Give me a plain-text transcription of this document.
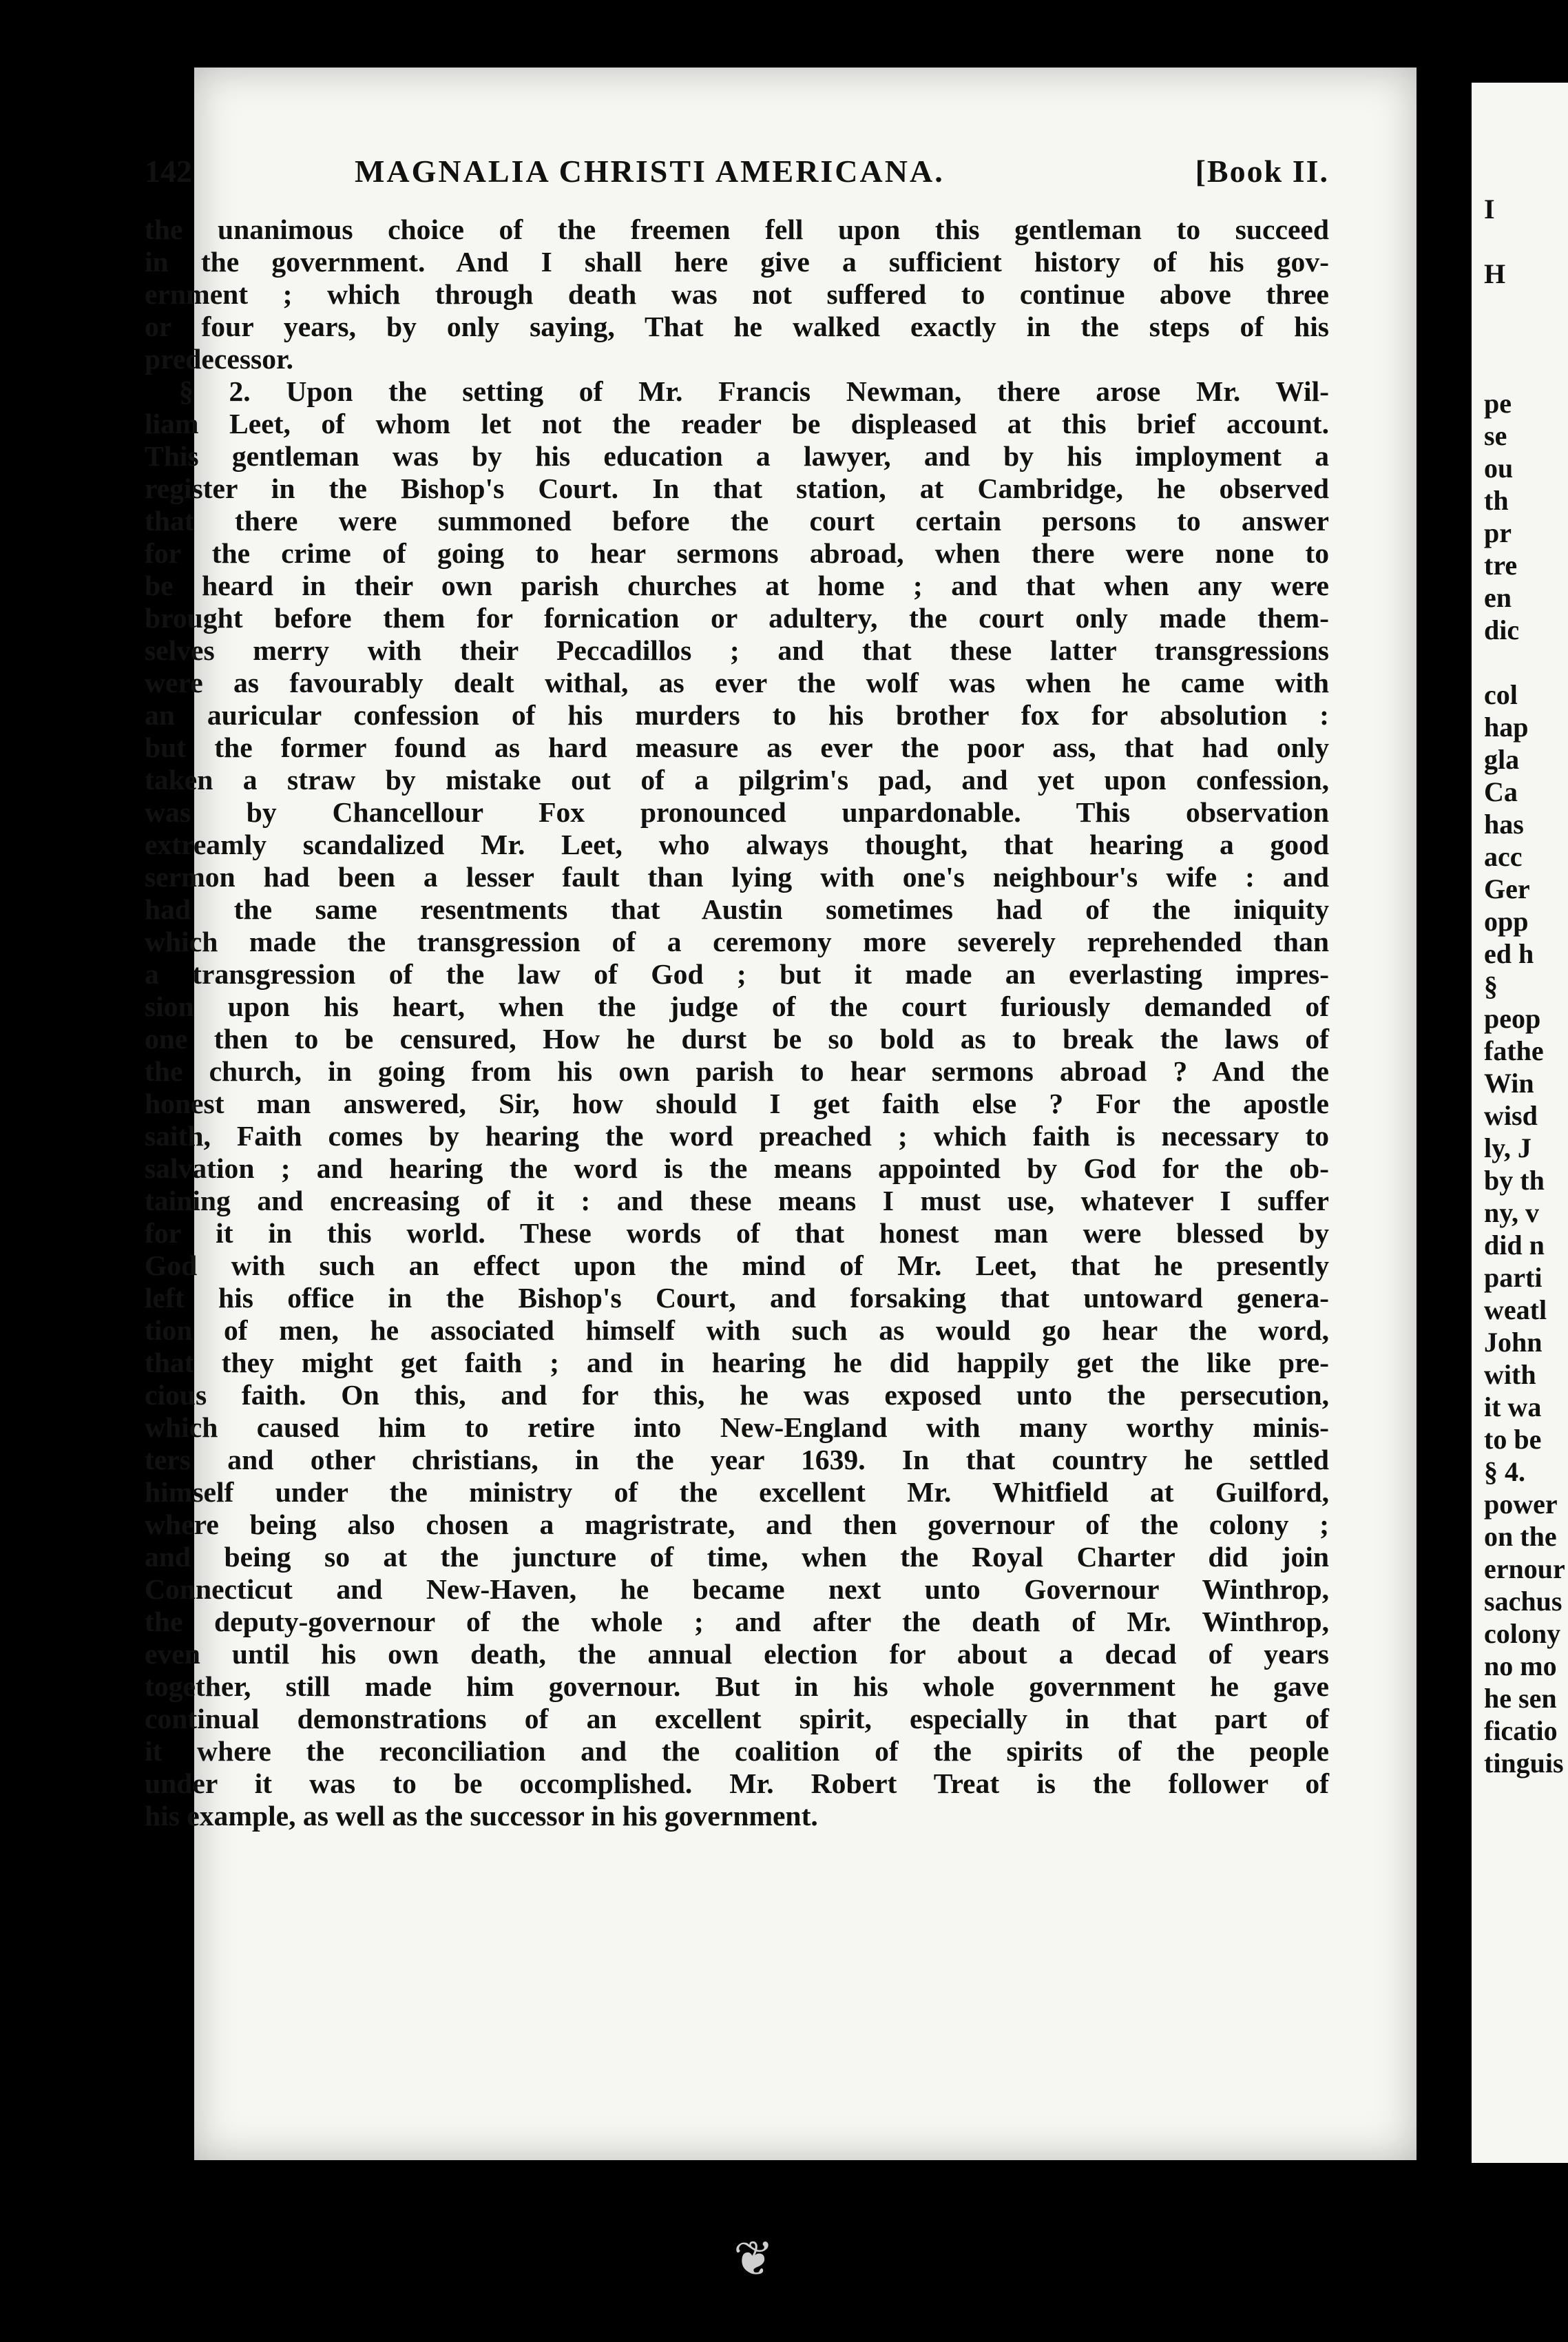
142	MAGNALIA CHRISTI AMERICANA.	[Book II.
the unanimous choice of the freemen fell upon this gentleman to succeed
in the government. And I shall here give a sufficient history of his gov-
ernment ; which through death was not suffered to continue above three
or four years, by only saying, That he walked exactly in the steps of his
predecessor.
§ 2. Upon the setting of Mr. Francis Newman, there arose Mr. Wil-
liam Leet, of whom let not the reader be displeased at this brief account.
This gentleman was by his education a lawyer, and by his imployment a
register in the Bishop's Court. In that station, at Cambridge, he observed
that there were summoned before the court certain persons to answer
for the crime of going to hear sermons abroad, when there were none to
be heard in their own parish churches at home ; and that when any were
brought before them for fornication or adultery, the court only made them-
selves merry with their Peccadillos ; and that these latter transgressions
were as favourably dealt withal, as ever the wolf was when he came with
an auricular confession of his murders to his brother fox for absolution :
but the former found as hard measure as ever the poor ass, that had only
taken a straw by mistake out of a pilgrim's pad, and yet upon confession,
was by Chancellour Fox pronounced unpardonable. This observation
extreamly scandalized Mr. Leet, who always thought, that hearing a good
sermon had been a lesser fault than lying with one's neighbour's wife : and
had the same resentments that Austin sometimes had of the iniquity
which made the transgression of a ceremony more severely reprehended than
a transgression of the law of God ; but it made an everlasting impres-
sion upon his heart, when the judge of the court furiously demanded of
one then to be censured, How he durst be so bold as to break the laws of
the church, in going from his own parish to hear sermons abroad ? And the
honest man answered, Sir, how should I get faith else ? For the apostle
saith, Faith comes by hearing the word preached ; which faith is necessary to
salvation ; and hearing the word is the means appointed by God for the ob-
taining and encreasing of it : and these means I must use, whatever I suffer
for it in this world. These words of that honest man were blessed by
God with such an effect upon the mind of Mr. Leet, that he presently
left his office in the Bishop's Court, and forsaking that untoward genera-
tion of men, he associated himself with such as would go hear the word,
that they might get faith ; and in hearing he did happily get the like pre-
cious faith. On this, and for this, he was exposed unto the persecution,
which caused him to retire into New-England with many worthy minis-
ters and other christians, in the year 1639. In that country he settled
himself under the ministry of the excellent Mr. Whitfield at Guilford,
where being also chosen a magristrate, and then governour of the colony ;
and being so at the juncture of time, when the Royal Charter did join
Connecticut and New-Haven, he became next unto Governour Winthrop,
the deputy-governour of the whole ; and after the death of Mr. Winthrop,
even until his own death, the annual election for about a decad of years
together, still made him governour. But in his whole government he gave
continual demonstrations of an excellent spirit, especially in that part of
it where the reconciliation and the coalition of the spirits of the people
under it was to be occomplished. Mr. Robert Treat is the follower of
his example, as well as the successor in his government.
I
H
pe
se
ou
th
pr
tre
en
dic
col
hap
gla
Ca
has
acc
Ger
opp
ed h
§
peop
fathe
Win
wisd
ly, J
by th
ny, v
did n
parti
weatl
John
with
it wa
to be
§ 4.
power
on the
ernour
sachus
colony
no mo
he sen
ficatio
tinguis
❦
